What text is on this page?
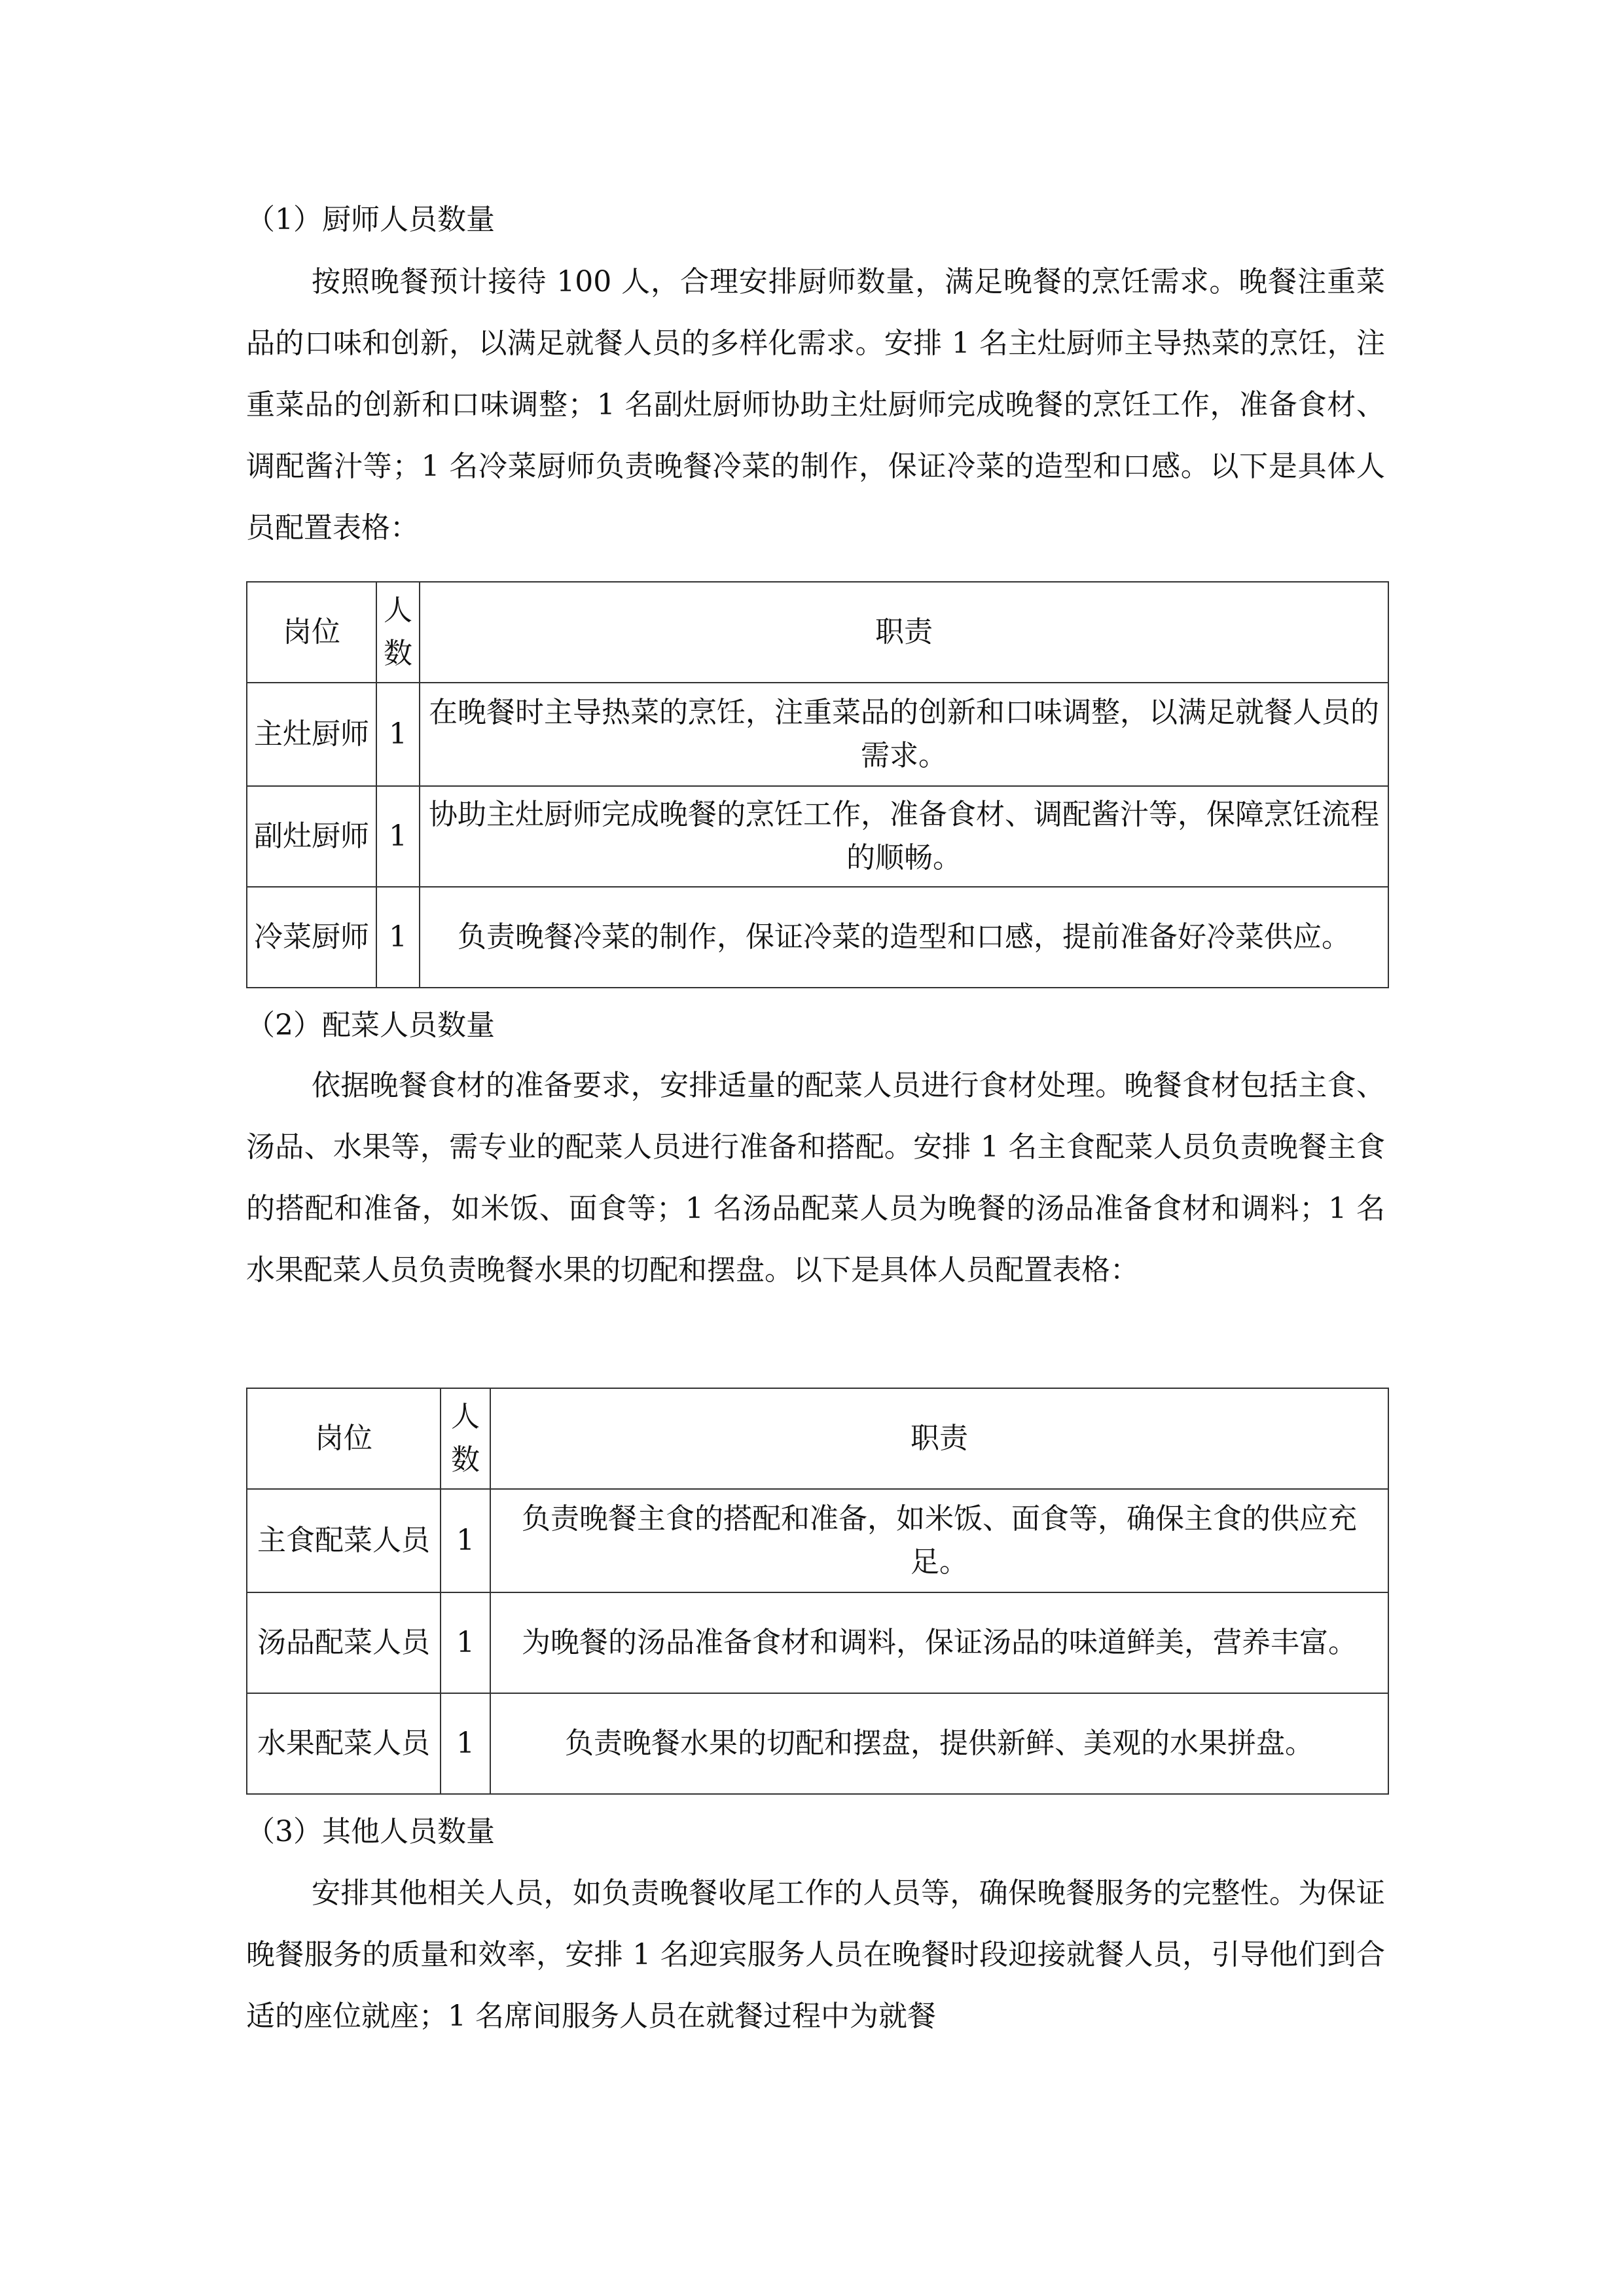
（1）厨师人员数量
按照晚餐预计接待 100 人，合理安排厨师数量，满足晚餐的烹饪需求。晚餐注重菜品的口味和创新，以满足就餐人员的多样化需求。安排 1 名主灶厨师主导热菜的烹饪，注重菜品的创新和口味调整；1 名副灶厨师协助主灶厨师完成晚餐的烹饪工作，准备食材、调配酱汁等；1 名冷菜厨师负责晚餐冷菜的制作，保证冷菜的造型和口感。以下是具体人员配置表格：
岗位	人数	职责
主灶厨师	1	在晚餐时主导热菜的烹饪，注重菜品的创新和口味调整，以满足就餐人员的需求。
副灶厨师	1	协助主灶厨师完成晚餐的烹饪工作，准备食材、调配酱汁等，保障烹饪流程的顺畅。
冷菜厨师	1	负责晚餐冷菜的制作，保证冷菜的造型和口感，提前准备好冷菜供应。
（2）配菜人员数量
依据晚餐食材的准备要求，安排适量的配菜人员进行食材处理。晚餐食材包括主食、汤品、水果等，需专业的配菜人员进行准备和搭配。安排 1 名主食配菜人员负责晚餐主食的搭配和准备，如米饭、面食等；1 名汤品配菜人员为晚餐的汤品准备食材和调料；1 名水果配菜人员负责晚餐水果的切配和摆盘。以下是具体人员配置表格：
岗位	人数	职责
主食配菜人员	1	负责晚餐主食的搭配和准备，如米饭、面食等，确保主食的供应充足。
汤品配菜人员	1	为晚餐的汤品准备食材和调料，保证汤品的味道鲜美，营养丰富。
水果配菜人员	1	负责晚餐水果的切配和摆盘，提供新鲜、美观的水果拼盘。
（3）其他人员数量
安排其他相关人员，如负责晚餐收尾工作的人员等，确保晚餐服务的完整性。为保证晚餐服务的质量和效率，安排 1 名迎宾服务人员在晚餐时段迎接就餐人员，引导他们到合适的座位就座；1 名席间服务人员在就餐过程中为就餐
